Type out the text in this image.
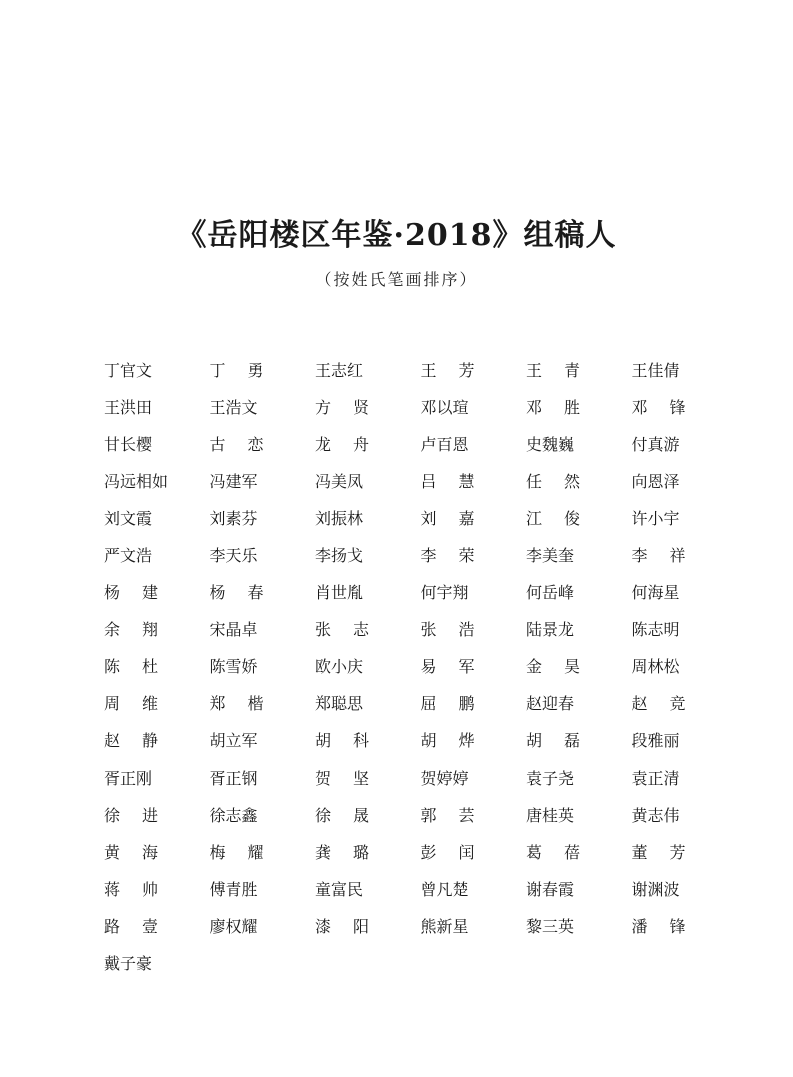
《岳阳楼区年鉴·2018》组稿人
（按姓氏笔画排序）
丁官文	丁 勇	王志红	王 芳	王 青	王佳倩
王洪田	王浩文	方 贤	邓以瑄	邓 胜	邓 锋
甘长樱	古 恋	龙 舟	卢百恩	史魏巍	付真游
冯远相如	冯建军	冯美凤	吕 慧	任 然	向恩泽
刘文霞	刘素芬	刘振林	刘 嘉	江 俊	许小宇
严文浩	李天乐	李扬戈	李 荣	李美奎	李 祥
杨 建	杨 春	肖世胤	何宇翔	何岳峰	何海星
余 翔	宋晶卓	张 志	张 浩	陆景龙	陈志明
陈 杜	陈雪娇	欧小庆	易 军	金 昊	周林松
周 维	郑 楷	郑聪思	屈 鹏	赵迎春	赵 竞
赵 静	胡立军	胡 科	胡 烨	胡 磊	段雅丽
胥正刚	胥正钢	贺 坚	贺婷婷	袁子尧	袁正清
徐 进	徐志鑫	徐 晟	郭 芸	唐桂英	黄志伟
黄 海	梅 耀	龚 璐	彭 闰	葛 蓓	董 芳
蒋 帅	傅青胜	童富民	曾凡楚	谢春霞	谢渊波
路 壹	廖权耀	漆 阳	熊新星	黎三英	潘 锋
戴子豪
